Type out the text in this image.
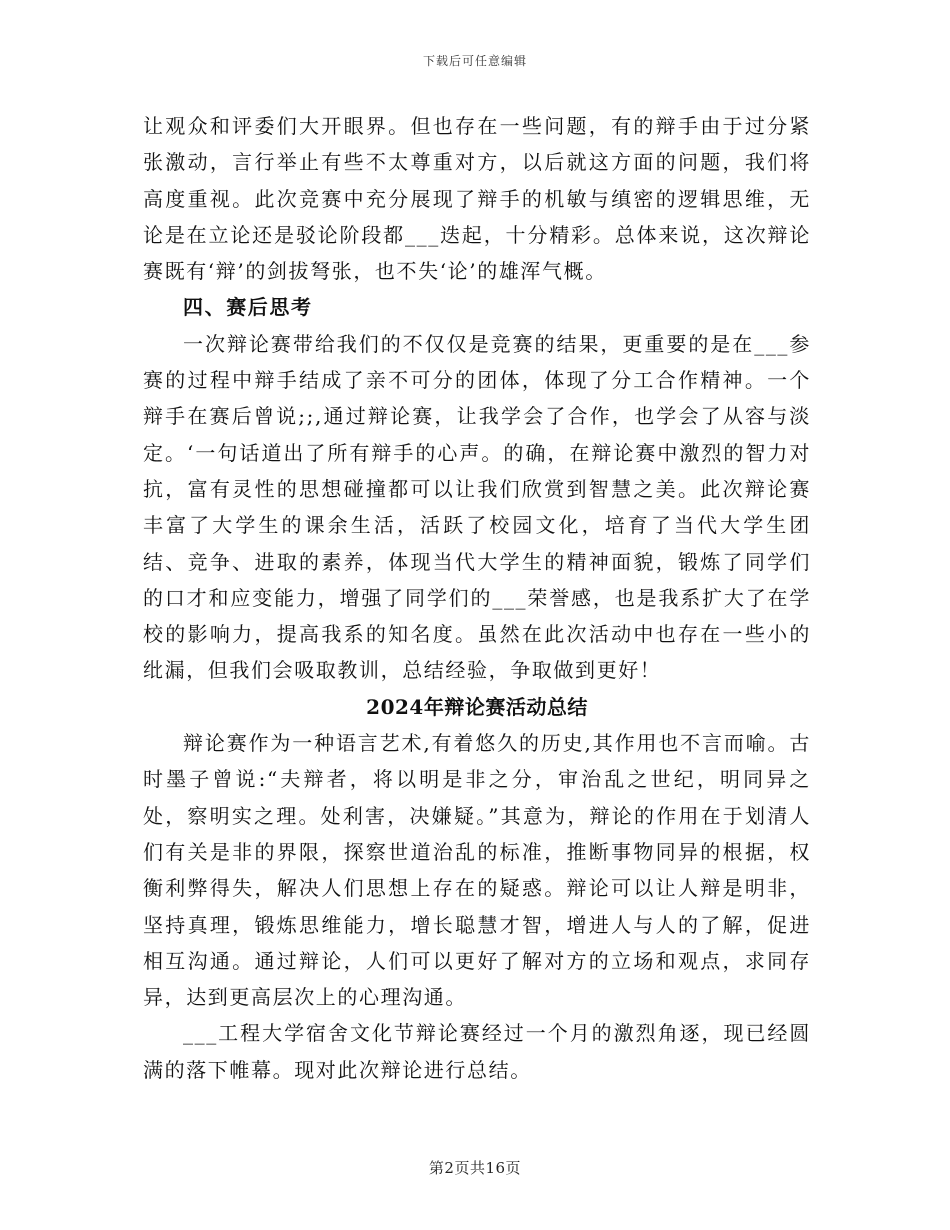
下载后可任意编辑

让观众和评委们大开眼界。但也存在一些问题，有的辩手由于过分紧张激动，言行举止有些不太尊重对方，以后就这方面的问题，我们将高度重视。此次竞赛中充分展现了辩手的机敏与缜密的逻辑思维，无论是在立论还是驳论阶段都___迭起，十分精彩。总体来说，这次辩论赛既有‘辩’的剑拔弩张，也不失‘论’的雄浑气概。

四、赛后思考

一次辩论赛带给我们的不仅仅是竞赛的结果，更重要的是在___参赛的过程中辩手结成了亲不可分的团体，体现了分工合作精神。一个辩手在赛后曾说;;,通过辩论赛，让我学会了合作，也学会了从容与淡定。‘一句话道出了所有辩手的心声。的确，在辩论赛中激烈的智力对抗，富有灵性的思想碰撞都可以让我们欣赏到智慧之美。此次辩论赛丰富了大学生的课余生活，活跃了校园文化，培育了当代大学生团结、竞争、进取的素养，体现当代大学生的精神面貌，锻炼了同学们的口才和应变能力，增强了同学们的___荣誉感，也是我系扩大了在学校的影响力，提高我系的知名度。虽然在此次活动中也存在一些小的纰漏，但我们会吸取教训，总结经验，争取做到更好！

2024年辩论赛活动总结

辩论赛作为一种语言艺术,有着悠久的历史,其作用也不言而喻。古时墨子曾说:“夫辩者，将以明是非之分，审治乱之世纪，明同异之处，察明实之理。处利害，决嫌疑。”其意为，辩论的作用在于划清人们有关是非的界限，探察世道治乱的标准，推断事物同异的根据，权衡利弊得失，解决人们思想上存在的疑惑。辩论可以让人辩是明非，坚持真理，锻炼思维能力，增长聪慧才智，增进人与人的了解，促进相互沟通。通过辩论，人们可以更好了解对方的立场和观点，求同存异，达到更高层次上的心理沟通。

___工程大学宿舍文化节辩论赛经过一个月的激烈角逐，现已经圆满的落下帷幕。现对此次辩论进行总结。

第2页共16页
